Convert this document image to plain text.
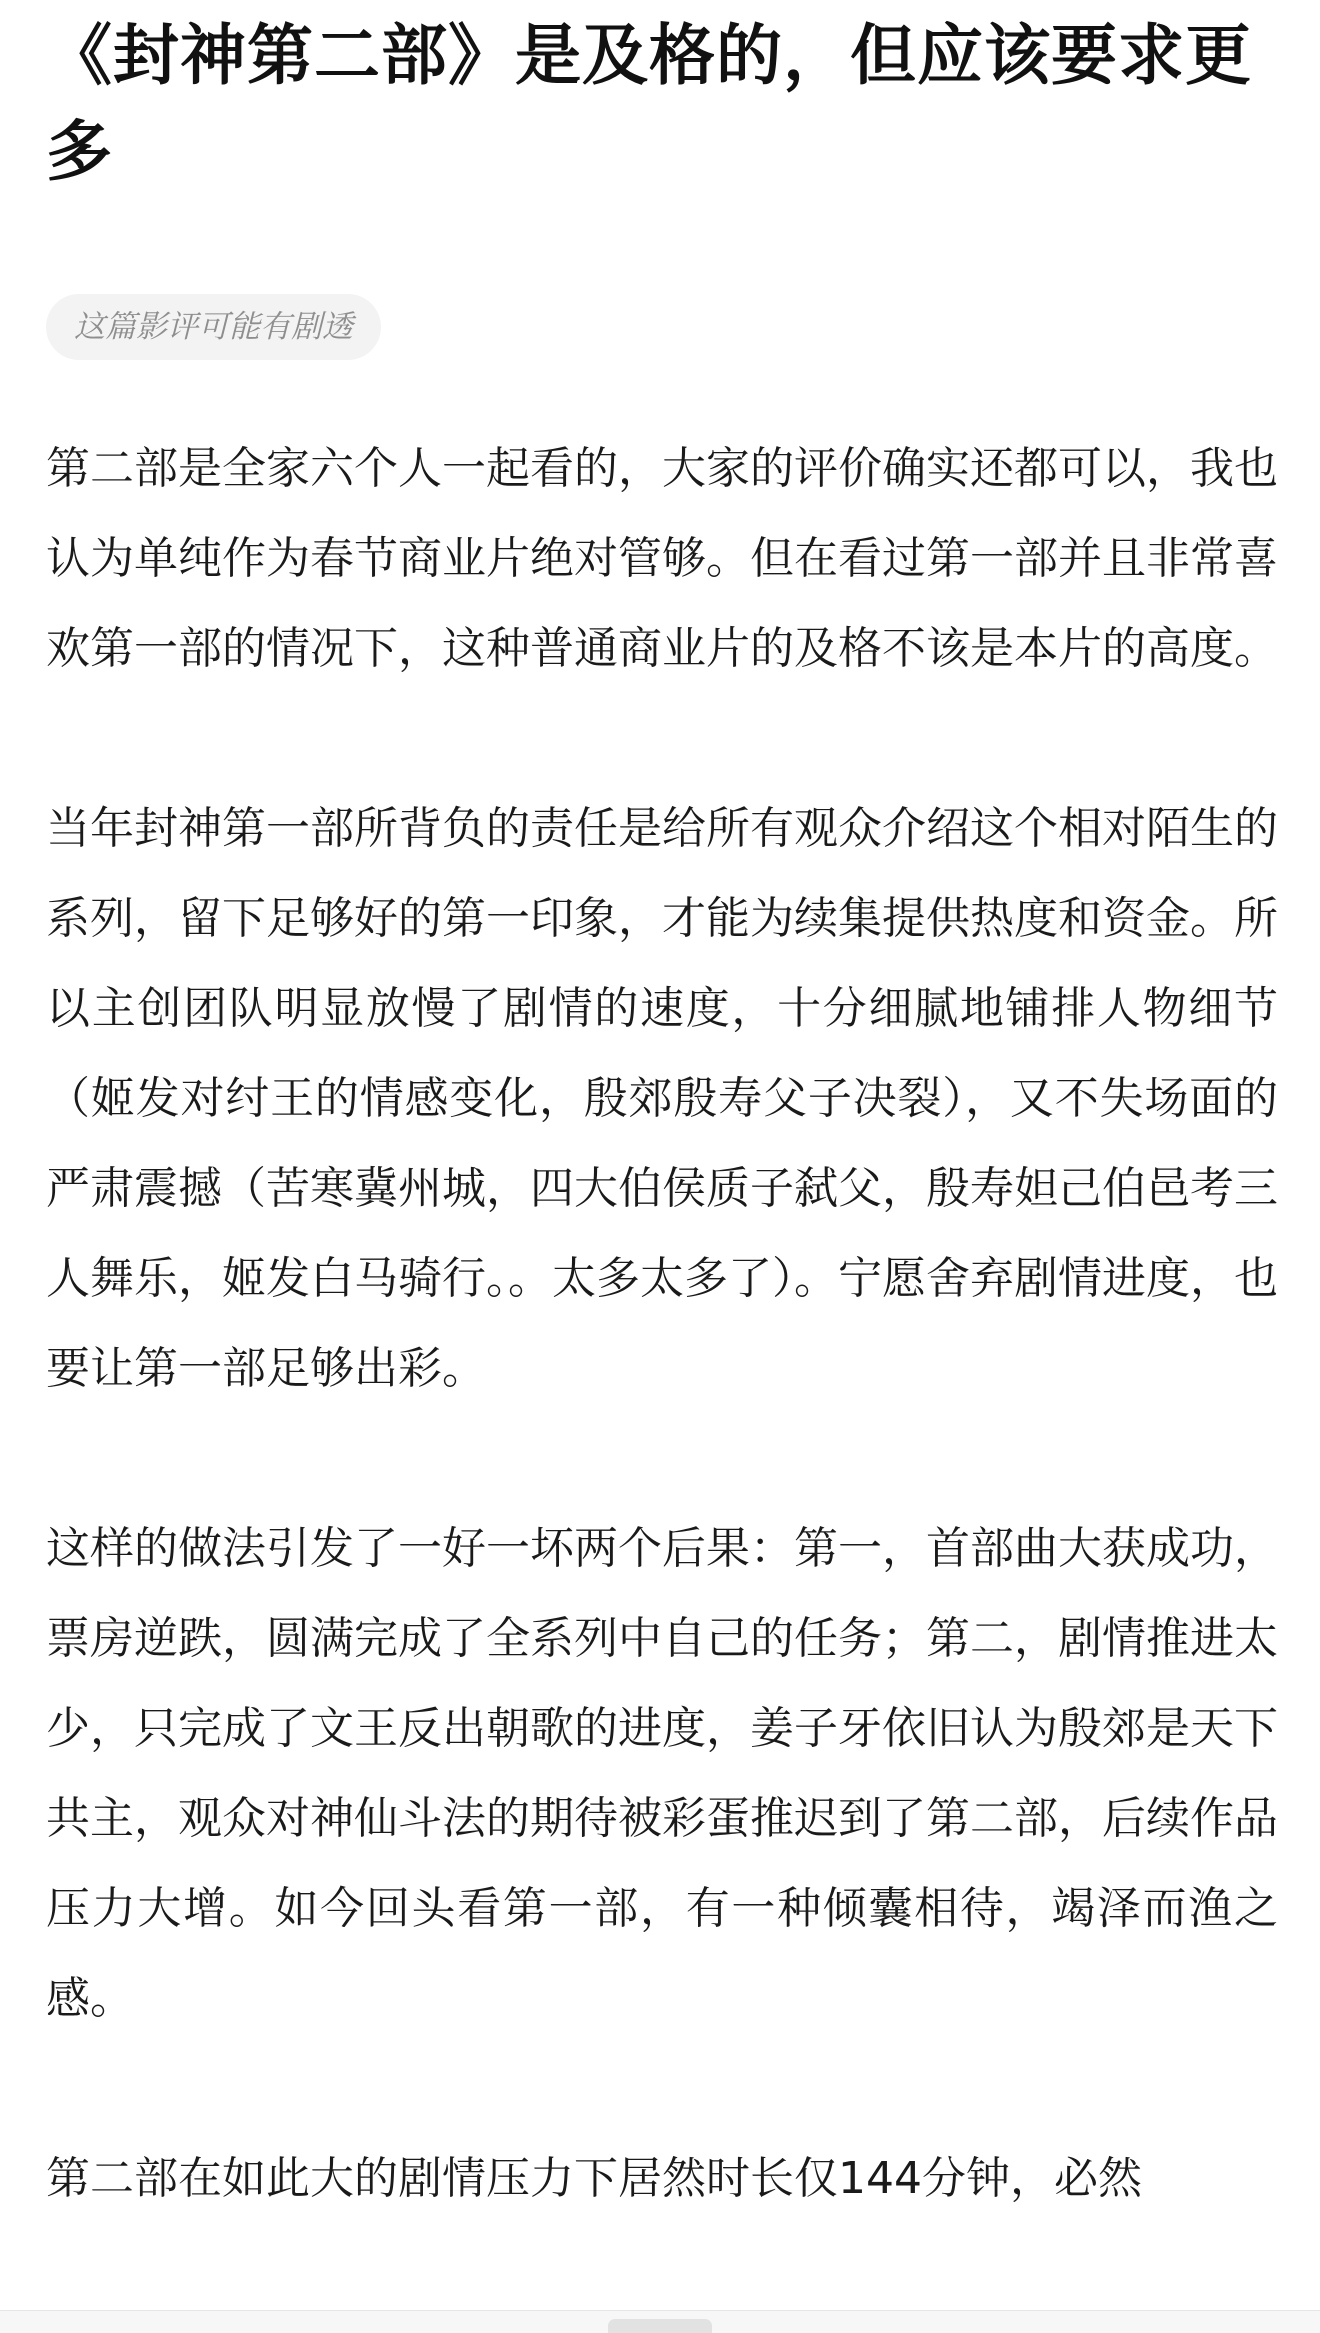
《封神第二部》是及格的，但应该要求更多
这篇影评可能有剧透

第二部是全家六个人一起看的，大家的评价确实还都可以，我也认为单纯作为春节商业片绝对管够。但在看过第一部并且非常喜欢第一部的情况下，这种普通商业片的及格不该是本片的高度。

当年封神第一部所背负的责任是给所有观众介绍这个相对陌生的系列，留下足够好的第一印象，才能为续集提供热度和资金。所以主创团队明显放慢了剧情的速度，十分细腻地铺排人物细节（姬发对纣王的情感变化，殷郊殷寿父子决裂），又不失场面的严肃震撼（苦寒冀州城，四大伯侯质子弑父，殷寿妲己伯邑考三人舞乐，姬发白马骑行。。太多太多了）。宁愿舍弃剧情进度，也要让第一部足够出彩。

这样的做法引发了一好一坏两个后果：第一，首部曲大获成功，票房逆跌，圆满完成了全系列中自己的任务；第二，剧情推进太少，只完成了文王反出朝歌的进度，姜子牙依旧认为殷郊是天下共主，观众对神仙斗法的期待被彩蛋推迟到了第二部，后续作品压力大增。如今回头看第一部，有一种倾囊相待，竭泽而渔之感。

第二部在如此大的剧情压力下居然时长仅144分钟，必然
